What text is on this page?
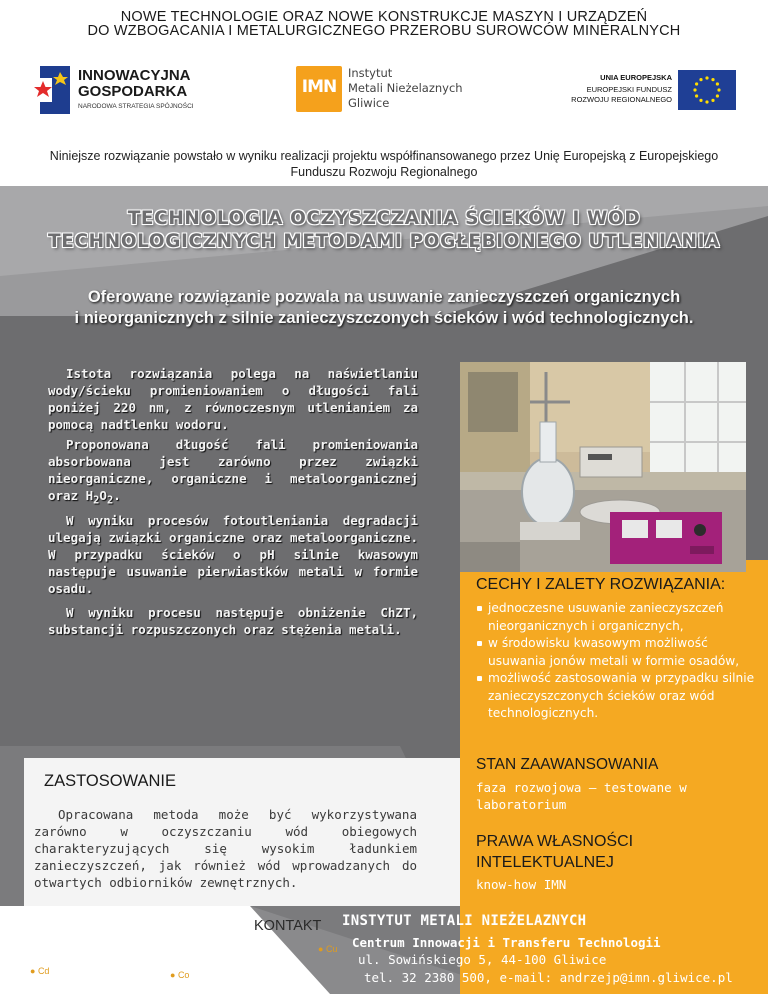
NOWE TECHNOLOGIE ORAZ NOWE KONSTRUKCJE MASZYN I URZĄDZEŃ
DO WZBOGACANIA I METALURGICZNEGO PRZEROBU SUROWCÓW MINERALNYCH
INNOWACYJNA
GOSPODARKA
NARODOWA STRATEGIA SPÓJNOŚCI
IMN
Instytut
Metali Nieżelaznych
Gliwice
UNIA EUROPEJSKA
EUROPEJSKI FUNDUSZ
ROZWOJU REGIONALNEGO
Niniejsze rozwiązanie powstało w wyniku realizacji projektu współfinansowanego przez Unię Europejską z Europejskiego
Funduszu Rozwoju Regionalnego
TECHNOLOGIA OCZYSZCZANIA ŚCIEKÓW I WÓD
TECHNOLOGICZNYCH METODAMI POGŁĘBIONEGO UTLENIANIA
Oferowane rozwiązanie pozwala na usuwanie zanieczyszczeń organicznych
i nieorganicznych z silnie zanieczyszczonych ścieków i wód technologicznych.
Istota rozwiązania polega na naświetlaniu wody/ścieku promieniowaniem o długości fali poniżej 220 nm, z równoczesnym utlenianiem za pomocą nadtlenku wodoru.
Proponowana długość fali promieniowania absorbowana jest zarówno przez związki nieorganiczne, organiczne i metaloorganicznej oraz $H_2O_2$.
W wyniku procesów fotoutleniania degradacji ulegają związki organiczne oraz metaloorganiczne. W przypadku ścieków o pH silnie kwasowym następuje usuwanie pierwiastków metali w formie osadu.
W wyniku procesu następuje obniżenie ChZT, substancji rozpuszczonych oraz stężenia metali.
CECHY I ZALETY ROZWIĄZANIA:
jednoczesne usuwanie zanieczyszczeń nieorganicznych i organicznych,
w środowisku kwasowym możliwość usuwania jonów metali w formie osadów,
możliwość zastosowania w przypadku silnie zanieczyszczonych ścieków oraz wód technologicznych.
STAN ZAAWANSOWANIA
faza rozwojowa – testowane w laboratorium
PRAWA WŁASNOŚCI INTELEKTUALNEJ
know-how IMN
ZASTOSOWANIE
Opracowana metoda może być wykorzystywana zarówno w oczyszczaniu wód obiegowych charakteryzujących się wysokim ładunkiem zanieczyszczeń, jak również wód wprowadzanych do otwartych odbiorników zewnętrznych.
● Cd	● Co
● Cu
KONTAKT INSTYTUT METALI NIEŻELAZNYCH
Centrum Innowacji i Transferu Technologii
ul. Sowińskiego 5, 44-100 Gliwice
tel. 32 2380 500, e-mail: andrzejp@imn.gliwice.pl
